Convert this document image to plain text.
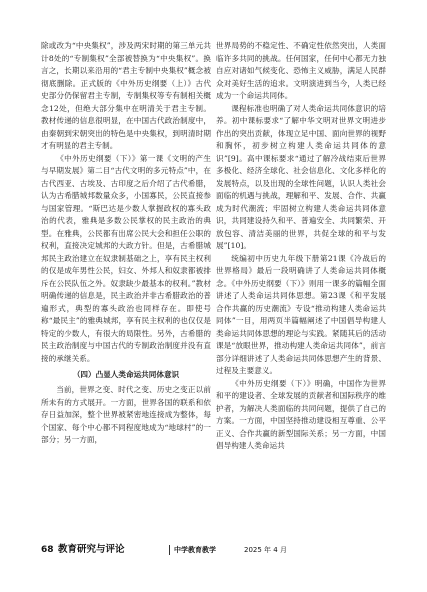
除或改为“中央集权”，涉及两宋时期的第三单元共计8处的“专制集权”全部被替换为“中央集权”。换言之，长期以来沿用的“君主专制中央集权”概念被彻底删除。正式版的《中外历史纲要（上）》古代史部分仍保留君主专制，专制集权等专有制相关概念12处，但绝大部分集中在明清关于君主专制。教材传递的信息很明显，在中国古代政治制度中，由秦朝到宋朝突出的特色是中央集权，到明清时期才有明显的君主专制。

《中外历史纲要（下）》第一课《文明的产生与早期发展》第二目“古代文明的多元特点”中，在古代西亚、古埃及、古印度之后介绍了古代希腊，认为古希腊城邦数量众多，小国寡民，公民直接参与国家管理。“斯巴达是少数人掌握政权的寡头政治的代表，雅典是多数公民掌权的民主政治的典型。在雅典，公民都有出席公民大会和担任公职的权利，直接决定城邦的大政方针。但是，古希腊城邦民主政治建立在奴隶制基础之上，享有民主权利的仅是成年男性公民，妇女、外邦人和奴隶都被排斥在公民队伍之外。奴隶缺少最基本的权利。”教材明确传递的信息是，民主政治并非古希腊政治的普遍形式，典型的寡头政治也同样存在。即使号称“最民主”的雅典城邦，享有民主权利的也仅仅是特定的少数人，有很大的局限性。另外，古希腊的民主政治制度与中国古代的专制政治制度并没有直接的承继关系。

（四）凸显人类命运共同体意识

当前，世界之变、时代之变、历史之变正以前所未有的方式展开。一方面，世界各国的联系和依存日益加深，整个世界被紧密地连接成为整体，每个国家、每个中心都不同程度地成为“地球村”的一部分；另一方面，

世界局势的不稳定性、不确定性依然突出，人类面临许多共同的挑战。任何国家，任何中心都无力独自应对诸如气候变化、恐怖主义威胁，满足人民群众对美好生活的追求。文明演进到当今，人类已经成为一个命运共同体。

课程标准也明确了对人类命运共同体意识的培养。初中课标要求“了解中华文明对世界文明进步作出的突出贡献，体现立足中国、面向世界的视野和胸怀，初步树立构建人类命运共同体的意识”[9]。高中课标要求“通过了解冷战结束后世界多极化、经济全球化、社会信息化、文化多样化的发展特点，以及出现的全球性问题，认识人类社会面临的机遇与挑战，理解和平、发展、合作、共赢成为时代潮流；牢固树立构建人类命运共同体意识，共同建设持久和平、普遍安全、共同繁荣、开放包容、清洁美丽的世界，共促全球的和平与发展”[10]。

统编初中历史九年级下册第21课《冷战后的世界格局》最后一段明确讲了人类命运共同体概念。《中外历史纲要（下）》则用一课多的篇幅全面讲述了人类命运共同体思想。第23课《和平发展合作共赢的历史潮流》专设“推动构建人类命运共同体”一目，用两页半篇幅阐述了中国倡导构建人类命运共同体思想的理论与实践。紧随其后的活动课是“放眼世界，推动构建人类命运共同体”，前言部分详细讲述了人类命运共同体思想产生的背景、过程及主要意义。

《中外历史纲要（下）》明确，中国作为世界和平的建设者、全球发展的贡献者和国际秩序的维护者，为解决人类面临的共同问题，提供了自己的方案。一方面，中国坚持推动建设相互尊重、公平正义、合作共赢的新型国际关系；另一方面，中国倡导构建人类命运共

68 教育研究与评论	中学教育教学	2025 年 4 月
